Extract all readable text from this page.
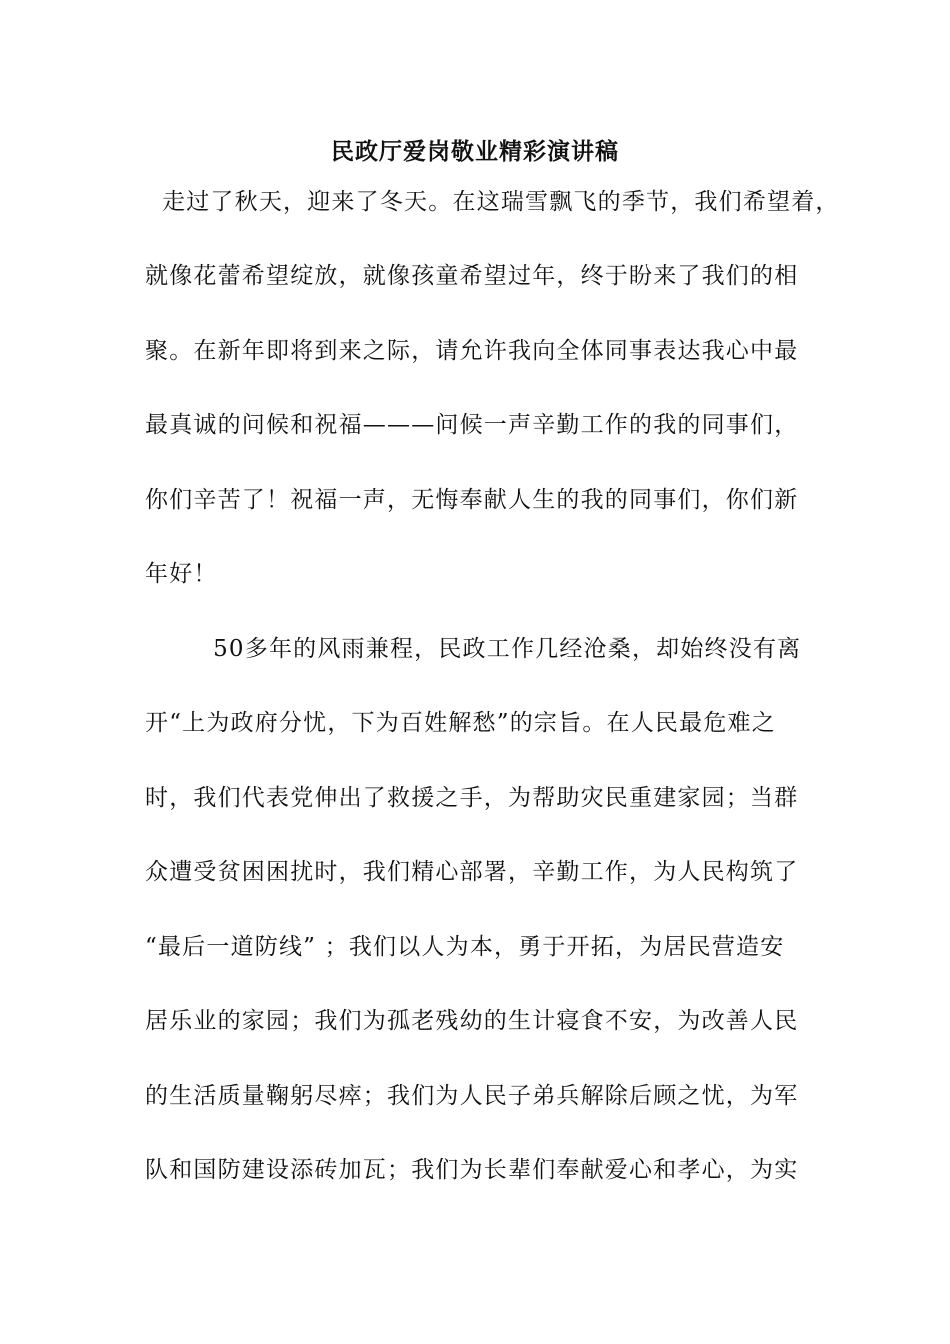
民政厅爱岗敬业精彩演讲稿
走过了秋天，迎来了冬天。在这瑞雪飘飞的季节，我们希望着，
就像花蕾希望绽放，就像孩童希望过年，终于盼来了我们的相
聚。在新年即将到来之际，请允许我向全体同事表达我心中最
最真诚的问候和祝福———问候一声辛勤工作的我的同事们，
你们辛苦了！祝福一声，无悔奉献人生的我的同事们，你们新
年好！
50多年的风雨兼程，民政工作几经沧桑，却始终没有离
开“上为政府分忧，下为百姓解愁”的宗旨。在人民最危难之
时，我们代表党伸出了救援之手，为帮助灾民重建家园；当群
众遭受贫困困扰时，我们精心部署，辛勤工作，为人民构筑了
“最后一道防线” ；我们以人为本，勇于开拓，为居民营造安
居乐业的家园；我们为孤老残幼的生计寝食不安，为改善人民
的生活质量鞠躬尽瘁；我们为人民子弟兵解除后顾之忧，为军
队和国防建设添砖加瓦；我们为长辈们奉献爱心和孝心，为实
